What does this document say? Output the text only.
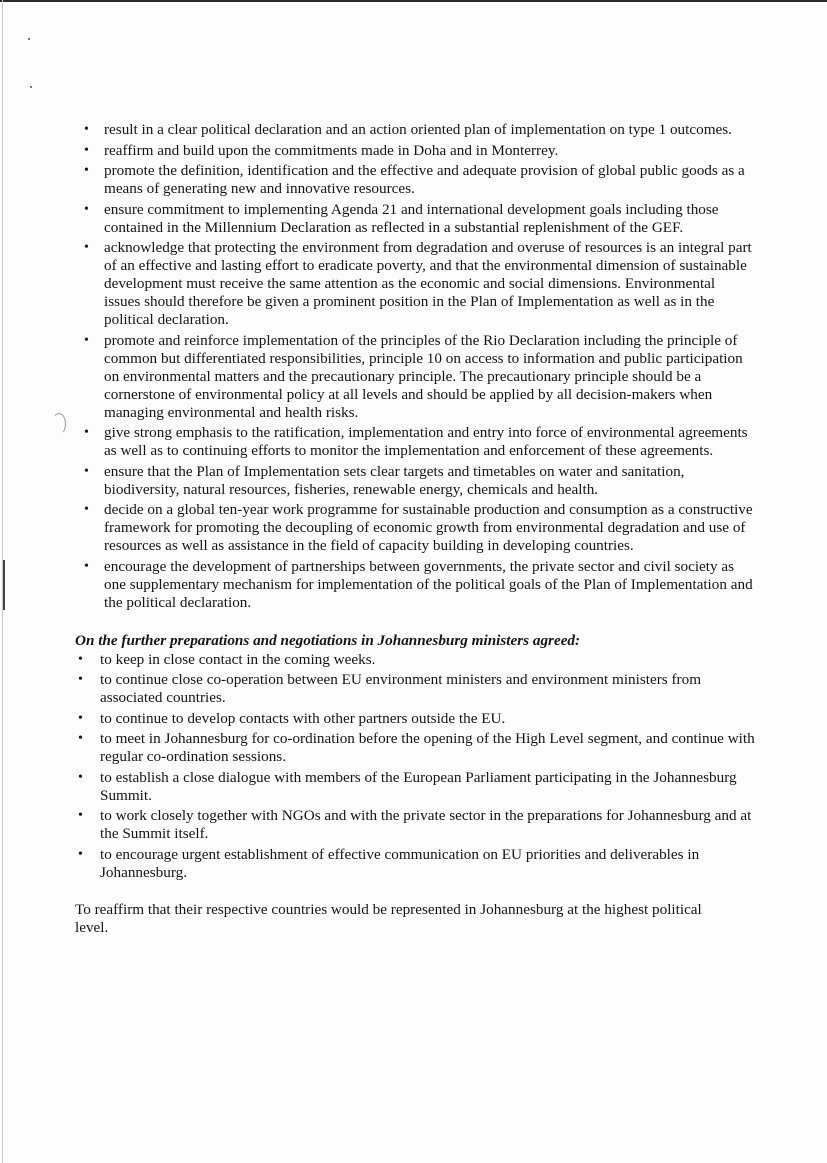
• result in a clear political declaration and an action oriented plan of implementation on type 1 outcomes.
• reaffirm and build upon the commitments made in Doha and in Monterrey.
• promote the definition, identification and the effective and adequate provision of global public goods as a means of generating new and innovative resources.
• ensure commitment to implementing Agenda 21 and international development goals including those contained in the Millennium Declaration as reflected in a substantial replenishment of the GEF.
• acknowledge that protecting the environment from degradation and overuse of resources is an integral part of an effective and lasting effort to eradicate poverty, and that the environmental dimension of sustainable development must receive the same attention as the economic and social dimensions. Environmental issues should therefore be given a prominent position in the Plan of Implementation as well as in the political declaration.
• promote and reinforce implementation of the principles of the Rio Declaration including the principle of common but differentiated responsibilities, principle 10 on access to information and public participation on environmental matters and the precautionary principle. The precautionary principle should be a cornerstone of environmental policy at all levels and should be applied by all decision-makers when managing environmental and health risks.
• give strong emphasis to the ratification, implementation and entry into force of environmental agreements as well as to continuing efforts to monitor the implementation and enforcement of these agreements.
• ensure that the Plan of Implementation sets clear targets and timetables on water and sanitation, biodiversity, natural resources, fisheries, renewable energy, chemicals and health.
• decide on a global ten-year work programme for sustainable production and consumption as a constructive framework for promoting the decoupling of economic growth from environmental degradation and use of resources as well as assistance in the field of capacity building in developing countries.
• encourage the development of partnerships between governments, the private sector and civil society as one supplementary mechanism for implementation of the political goals of the Plan of Implementation and the political declaration.
On the further preparations and negotiations in Johannesburg ministers agreed:
• to keep in close contact in the coming weeks.
• to continue close co-operation between EU environment ministers and environment ministers from associated countries.
• to continue to develop contacts with other partners outside the EU.
• to meet in Johannesburg for co-ordination before the opening of the High Level segment, and continue with regular co-ordination sessions.
• to establish a close dialogue with members of the European Parliament participating in the Johannesburg Summit.
• to work closely together with NGOs and with the private sector in the preparations for Johannesburg and at the Summit itself.
• to encourage urgent establishment of effective communication on EU priorities and deliverables in Johannesburg.

To reaffirm that their respective countries would be represented in Johannesburg at the highest political level.
